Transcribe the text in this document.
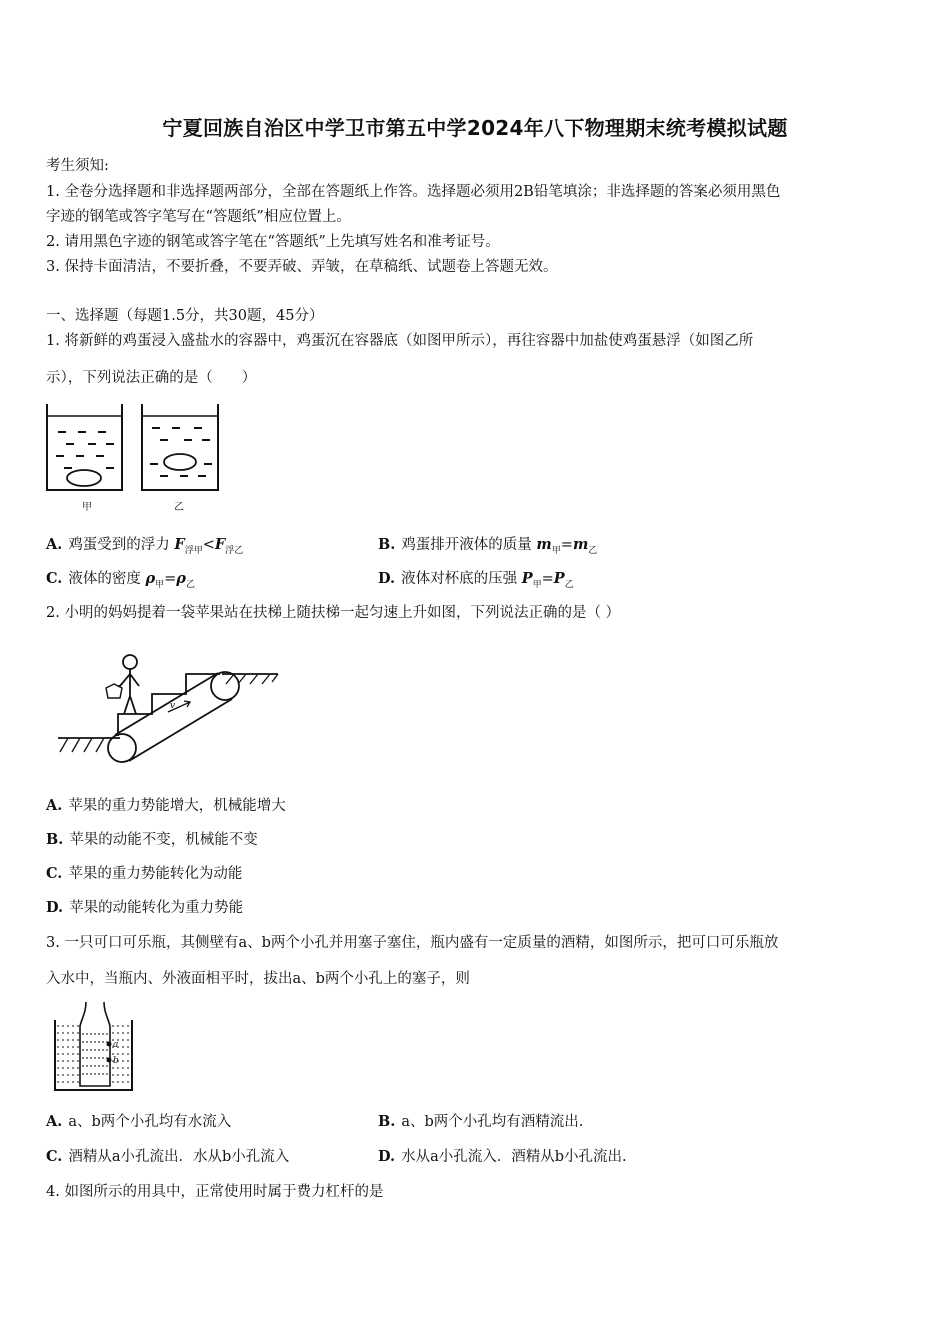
宁夏回族自治区中学卫市第五中学2024年八下物理期末统考模拟试题
考生须知:
1. 全卷分选择题和非选择题两部分，全部在答题纸上作答。选择题必须用2B铅笔填涂；非选择题的答案必须用黑色
字迹的钢笔或答字笔写在“答题纸”相应位置上。
2. 请用黑色字迹的钢笔或答字笔在“答题纸”上先填写姓名和准考证号。
3. 保持卡面清洁，不要折叠，不要弄破、弄皱，在草稿纸、试题卷上答题无效。
一、选择题（每题1.5分，共30题，45分）
1. 将新鲜的鸡蛋浸入盛盐水的容器中，鸡蛋沉在容器底（如图甲所示），再往容器中加盐使鸡蛋悬浮（如图乙所
示），下列说法正确的是（　　）
甲	乙
A. 鸡蛋受到的浮力 $F_{浮甲}<F_{浮乙}$	B. 鸡蛋排开液体的质量 $m_甲=m_乙$
C. 液体的密度 $\rho_甲=\rho_乙$	D. 液体对杯底的压强 $P_甲=P_乙$
2. 小明的妈妈提着一袋苹果站在扶梯上随扶梯一起匀速上升如图，下列说法正确的是（ ）
v
A. 苹果的重力势能增大，机械能增大
B. 苹果的动能不变，机械能不变
C. 苹果的重力势能转化为动能
D. 苹果的动能转化为重力势能
3. 一只可口可乐瓶，其侧壁有a、b两个小孔并用塞子塞住，瓶内盛有一定质量的酒精，如图所示，把可口可乐瓶放
入水中，当瓶内、外液面相平时，拔出a、b两个小孔上的塞子，则
a
b
A. a、b两个小孔均有水流入	B. a、b两个小孔均有酒精流出.
C. 酒精从a小孔流出．水从b小孔流入	D. 水从a小孔流入．酒精从b小孔流出.
4. 如图所示的用具中，正常使用时属于费力杠杆的是
